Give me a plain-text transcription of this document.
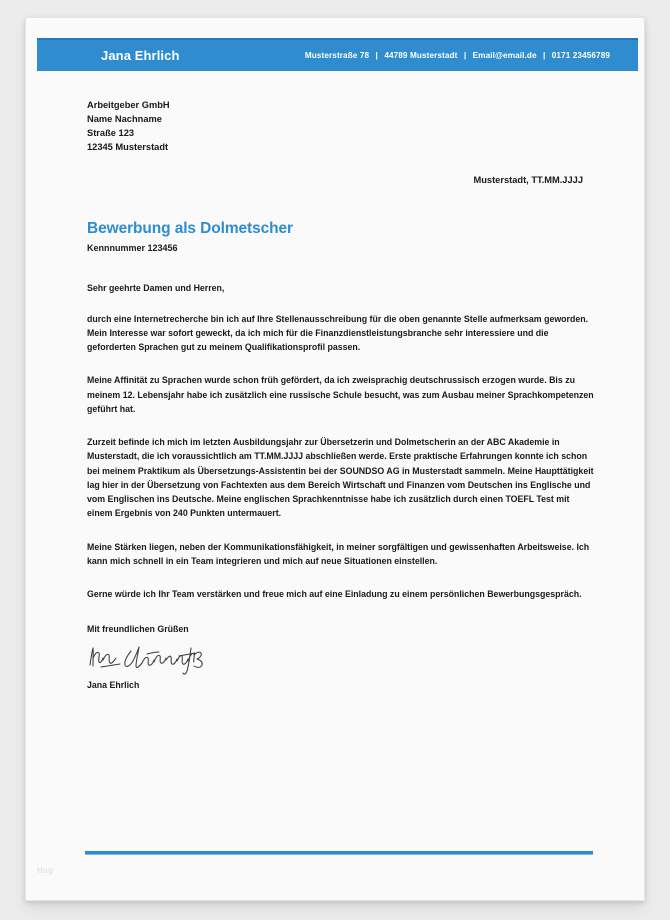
Jana Ehrlich	Musterstraße 78 | 44789 Musterstadt | Email@email.de | 0171 23456789
Arbeitgeber GmbH
Name Nachname
Straße 123
12345 Musterstadt
Musterstadt, TT.MM.JJJJ
Bewerbung als Dolmetscher
Kennnummer 123456
Sehr geehrte Damen und Herren,

durch eine Internetrecherche bin ich auf Ihre Stellenausschreibung für die oben genannte Stelle aufmerksam geworden. Mein Interesse war sofort geweckt, da ich mich für die Finanzdienstleistungsbranche sehr interessiere und die geforderten Sprachen gut zu meinem Qualifikationsprofil passen.

Meine Affinität zu Sprachen wurde schon früh gefördert, da ich zweisprachig deutschrussisch erzogen wurde. Bis zu meinem 12. Lebensjahr habe ich zusätzlich eine russische Schule besucht, was zum Ausbau meiner Sprachkompetenzen geführt hat.

Zurzeit befinde ich mich im letzten Ausbildungsjahr zur Übersetzerin und Dolmetscherin an der ABC Akademie in Musterstadt, die ich voraussichtlich am TT.MM.JJJJ abschließen werde. Erste praktische Erfahrungen konnte ich schon bei meinem Praktikum als Übersetzungs-Assistentin bei der SOUNDSO AG in Musterstadt sammeln. Meine Haupttätigkeit lag hier in der Übersetzung von Fachtexten aus dem Bereich Wirtschaft und Finanzen vom Deutschen ins Englische und vom Englischen ins Deutsche. Meine englischen Sprachkenntnisse habe ich zusätzlich durch einen TOEFL Test mit einem Ergebnis von 240 Punkten untermauert.

Meine Stärken liegen, neben der Kommunikationsfähigkeit, in meiner sorgfältigen und gewissenhaften Arbeitsweise. Ich kann mich schnell in ein Team integrieren und mich auf neue Situationen einstellen.

Gerne würde ich Ihr Team verstärken und freue mich auf eine Einladung zu einem persönlichen Bewerbungsgespräch.

Mit freundlichen Grüßen
Jana Ehrlich
Hog
